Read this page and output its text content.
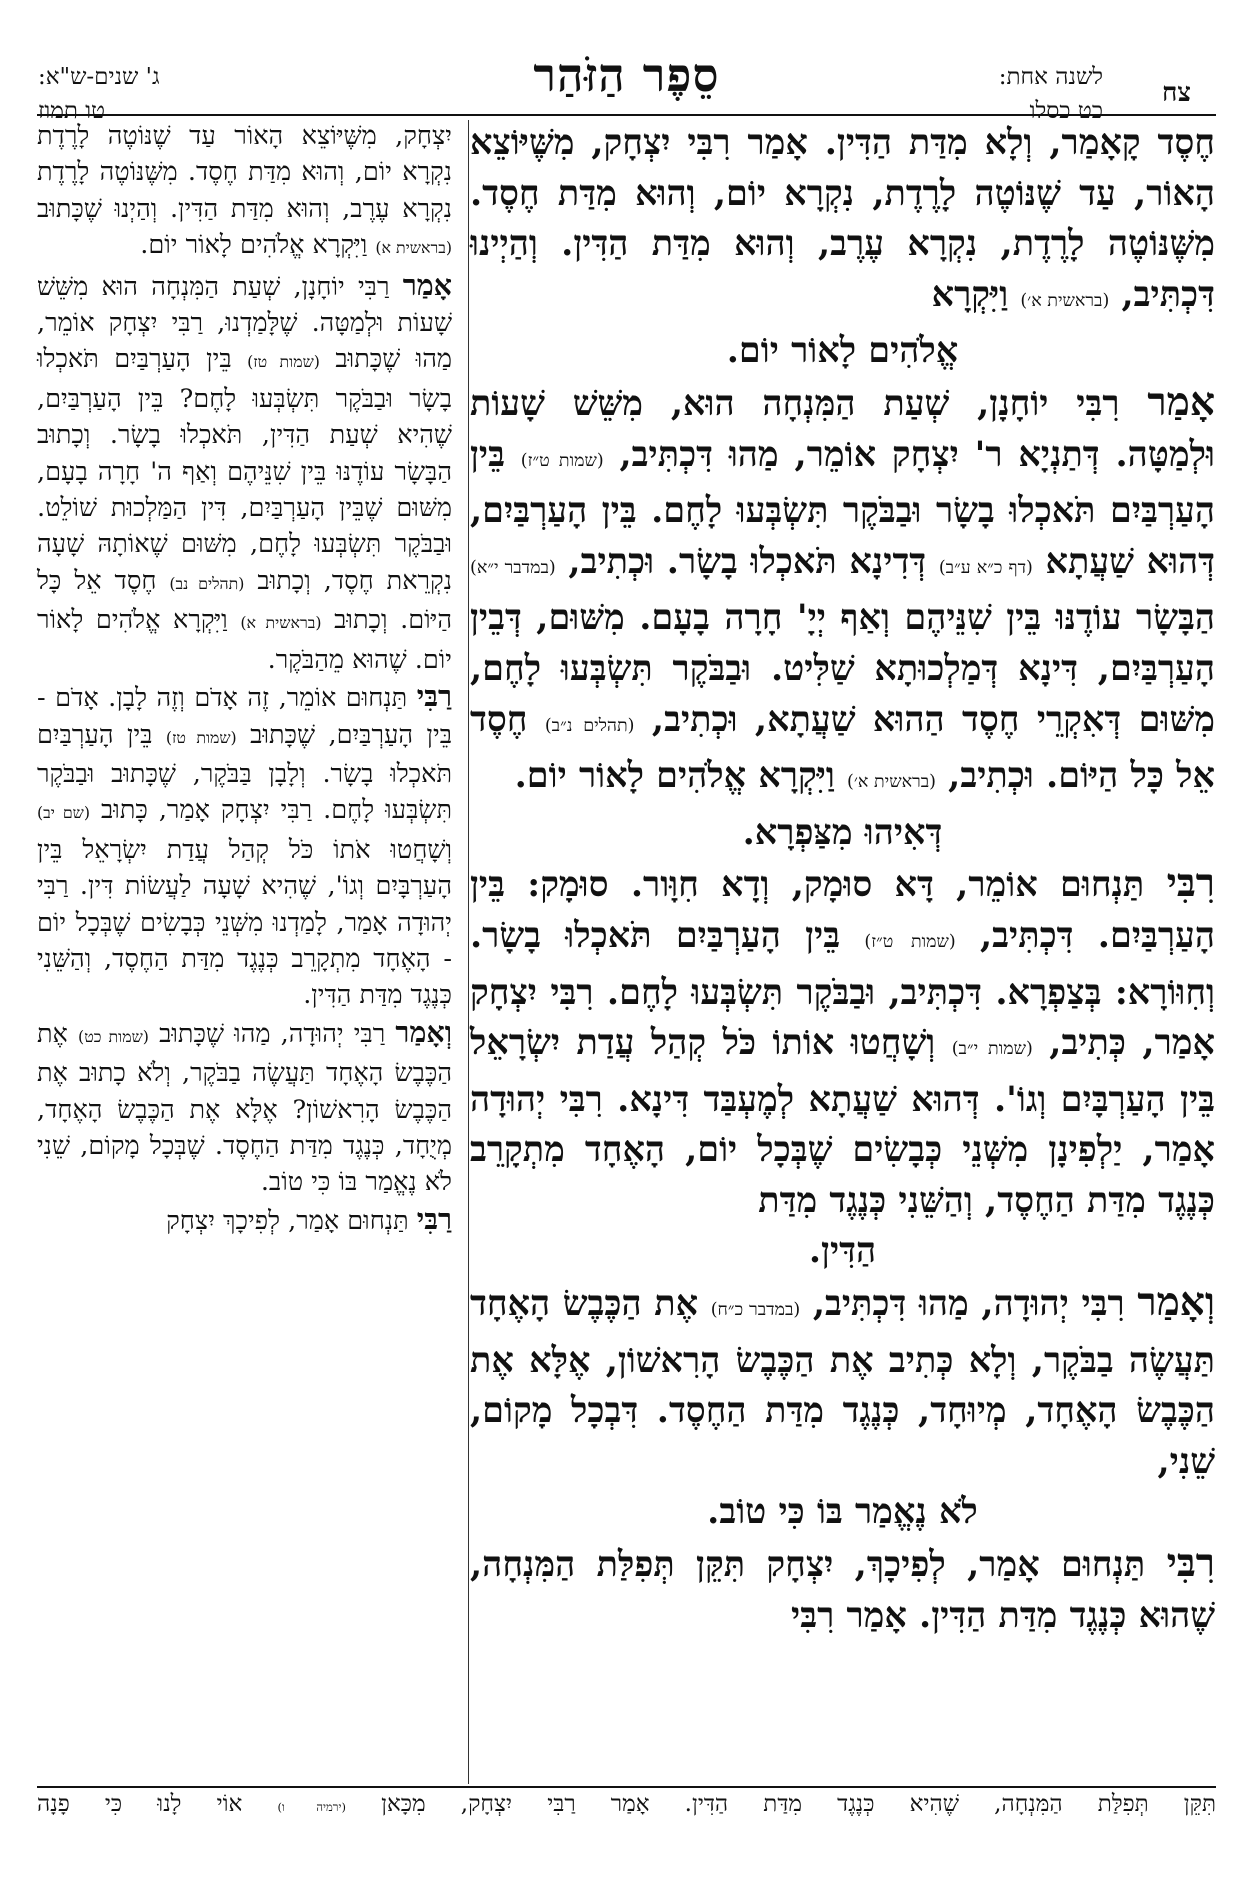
צח
לשנה אחת:
כט כסלו
סֵפֶר הַזֹּהַר
ג' שנים-ש"א:
טו תמוז

חֶסֶד קָאָמַר, וְלָא מִדַּת הַדִּין. אָמַר רִבִּי יִצְחָק, מִשֶּׁיּוֹצֵא הָאוֹר, עַד שֶׁנּוֹטֶה לָרֶדֶת, נִקְרָא יוֹם, וְהוּא מִדַּת חֶסֶד. מִשֶּׁנּוֹטֶה לָרֶדֶת, נִקְרָא עֶרֶב, וְהוּא מִדַּת הַדִּין. וְהַיְינוּ דִּכְתִּיב, (בראשית א׳) וַיִּקְרָא

אֱלֹהִים לָאוֹר יוֹם.

אָמַר רִבִּי יוֹחָנָן, שְׁעַת הַמִּנְחָה הוּא, מִשֵּׁשׁ שָׁעוֹת וּלְמַטָּה. דְּתַנְיָא ר' יִצְחָק אוֹמֵר, מַהוּ דִּכְתִּיב, (שמות ט״ז) בֵּין הָעַרְבַּיִם תֹּאכְלוּ בָשָׂר וּבַבֹּקֶר תִּשְׂבְּעוּ לָחֶם. בֵּין הָעַרְבַּיִם, דְּהוּא שַׁעֲתָא (דף כ״א ע״ב) דְּדִינָא תֹּאכְלוּ בָשָׂר. וּכְתִיב, (במדבר י״א) הַבָּשָׂר עוֹדֶנּוּ בֵּין שִׁנֵּיהֶם וְאַף יְיָ' חָרָה בָעָם. מִשּׁוּם, דְּבֵין הָעַרְבַּיִם, דִּינָא דְּמַלְכוּתָא שַׁלִּיט. וּבַבֹּקֶר תִּשְׂבְּעוּ לָחֶם, מִשּׁוּם דְּאִקְרֵי חֶסֶד הַהוּא שַׁעֲתָא, וּכְתִיב, (תהלים נ״ב) חֶסֶד אֵל כָּל הַיּוֹם. וּכְתִיב, (בראשית א׳) וַיִּקְרָא אֱלֹהִים לָאוֹר יוֹם.

דְּאִיהוּ מִצַּפְרָא.

רִבִּי תַּנְחוּם אוֹמֵר, דָּא סוּמָק, וְדָא חִוָּור. סוּמָק: בֵּין הָעַרְבַּיִם. דִּכְתִּיב, (שמות ט״ז) בֵּין הָעַרְבַּיִם תֹּאכְלוּ בָשָׂר. וְחִוּוֹרָא: בְּצַפְרָא. דִּכְתִּיב, וּבַבֹּקֶר תִּשְׂבְּעוּ לָחֶם. רִבִּי יִצְחָק אָמַר, כְּתִיב, (שמות י״ב) וְשָׁחֲטוּ אוֹתוֹ כֹּל קְהַל עֲדַת יִשְׂרָאֵל בֵּין הָעַרְבָּיִם וְגוֹ'. דְּהוּא שַׁעֲתָא לְמֶעְבַּד דִּינָא. רִבִּי יְהוּדָה אָמַר, יַלְפִינָן מִשְּׁנֵי כְּבָשִׂים שֶׁבְּכָל יוֹם, הָאֶחָד מִתְקָרֵב כְּנֶגֶד מִדַּת הַחֶסֶד, וְהַשֵּׁנִי כְּנֶגֶד מִדַּת

הַדִּין.

וְאָמַר רִבִּי יְהוּדָה, מַהוּ דִּכְתִּיב, (במדבר כ״ח) אֶת הַכֶּבֶשׂ הָאֶחָד תַּעֲשֶׂה בַבֹּקֶר, וְלָא כְּתִיב אֶת הַכֶּבֶשׂ הָרִאשׁוֹן, אֶלָּא אֶת הַכֶּבֶשׂ הָאֶחָד, מְיוּחָד, כְּנֶגֶד מִדַּת הַחֶסֶד. דִּבְכָל מָקוֹם, שֵׁנִי,

לֹא נֶאֱמַר בּוֹ כִּי טוֹב.

רִבִּי תַּנְחוּם אָמַר, לְפִיכָךְ, יִצְחָק תִּקֵּן תְּפִלַּת הַמִּנְחָה, שֶׁהוּא כְּנֶגֶד מִדַּת הַדִּין. אָמַר רִבִּי

יִצְחָק, מִשֶּׁיּוֹצֵא הָאוֹר עַד שֶׁנּוֹטֶה לָרֶדֶת נִקְרָא יוֹם, וְהוּא מִדַּת חֶסֶד. מִשֶּׁנּוֹטֶה לָרֶדֶת נִקְרָא עֶרֶב, וְהוּא מִדַּת הַדִּין. וְהַיְנוּ שֶׁכָּתוּב (בראשית א) וַיִּקְרָא אֱלֹהִים לָאוֹר יוֹם.

אָמַר רַבִּי יוֹחָנָן, שְׁעַת הַמִּנְחָה הוּא מִשֵּׁשׁ שָׁעוֹת וּלְמַטָּה. שֶׁלָּמַדְנוּ, רַבִּי יִצְחָק אוֹמֵר, מַהוּ שֶׁכָּתוּב (שמות טז) בֵּין הָעַרְבַּיִם תֹּאכְלוּ בָשָׂר וּבַבֹּקֶר תִּשְׂבְּעוּ לָחֶם? בֵּין הָעַרְבַּיִם, שֶׁהִיא שְׁעַת הַדִּין, תֹּאכְלוּ בָשָׂר. וְכָתוּב הַבָּשָׂר עוֹדֶנּוּ בֵּין שִׁנֵּיהֶם וְאַף ה' חָרָה בָעָם, מִשּׁוּם שֶׁבֵּין הָעַרְבַּיִם, דִּין הַמַּלְכוּת שׁוֹלֵט. וּבַבֹּקֶר תִּשְׂבְּעוּ לָחֶם, מִשּׁוּם שֶׁאוֹתָהּ שָׁעָה נִקְרֵאת חֶסֶד, וְכָתוּב (תהלים נב) חֶסֶד אֵל כָּל הַיּוֹם. וְכָתוּב (בראשית א) וַיִּקְרָא אֱלֹהִים לָאוֹר יוֹם. שֶׁהוּא מֵהַבֹּקֶר.

רַבִּי תַּנְחוּם אוֹמֵר, זֶה אָדֹם וְזֶה לָבָן. אָדֹם - בֵּין הָעַרְבַּיִם, שֶׁכָּתוּב (שמות טז) בֵּין הָעַרְבַּיִם תֹּאכְלוּ בָשָׂר. וְלָבָן בַּבֹּקֶר, שֶׁכָּתוּב וּבַבֹּקֶר תִּשְׂבְּעוּ לָחֶם. רַבִּי יִצְחָק אָמַר, כָּתוּב (שם יב) וְשָׁחֲטוּ אֹתוֹ כֹּל קְהַל עֲדַת יִשְׂרָאֵל בֵּין הָעַרְבָּיִם וְגוֹ', שֶׁהִיא שָׁעָה לַעֲשׂוֹת דִּין. רַבִּי יְהוּדָה אָמַר, לָמַדְנוּ מִשְּׁנֵי כְּבָשִׂים שֶׁבְּכָל יוֹם - הָאֶחָד מִתְקָרֵב כְּנֶגֶד מִדַּת הַחֶסֶד, וְהַשֵּׁנִי כְּנֶגֶד מִדַּת הַדִּין.

וְאָמַר רַבִּי יְהוּדָה, מַהוּ שֶׁכָּתוּב (שמות כט) אֶת הַכֶּבֶשׂ הָאֶחָד תַּעֲשֶׂה בַבֹּקֶר, וְלֹא כָתוּב אֶת הַכֶּבֶשׂ הָרִאשׁוֹן? אֶלָּא אֶת הַכֶּבֶשׂ הָאֶחָד, מְיֻחָד, כְּנֶגֶד מִדַּת הַחֶסֶד. שֶׁבְּכָל מָקוֹם, שֵׁנִי לֹא נֶאֱמַר בּוֹ כִּי טוֹב.

רַבִּי תַּנְחוּם אָמַר, לְפִיכָךְ יִצְחָק

תִּקֵּן תְּפִלַּת הַמִּנְחָה, שֶׁהִיא כְּנֶגֶד מִדַּת הַדִּין. אָמַר רַבִּי יִצְחָק, מִכָּאן (ירמיה ו) אוֹי לָנוּ כִּי פָנָה
